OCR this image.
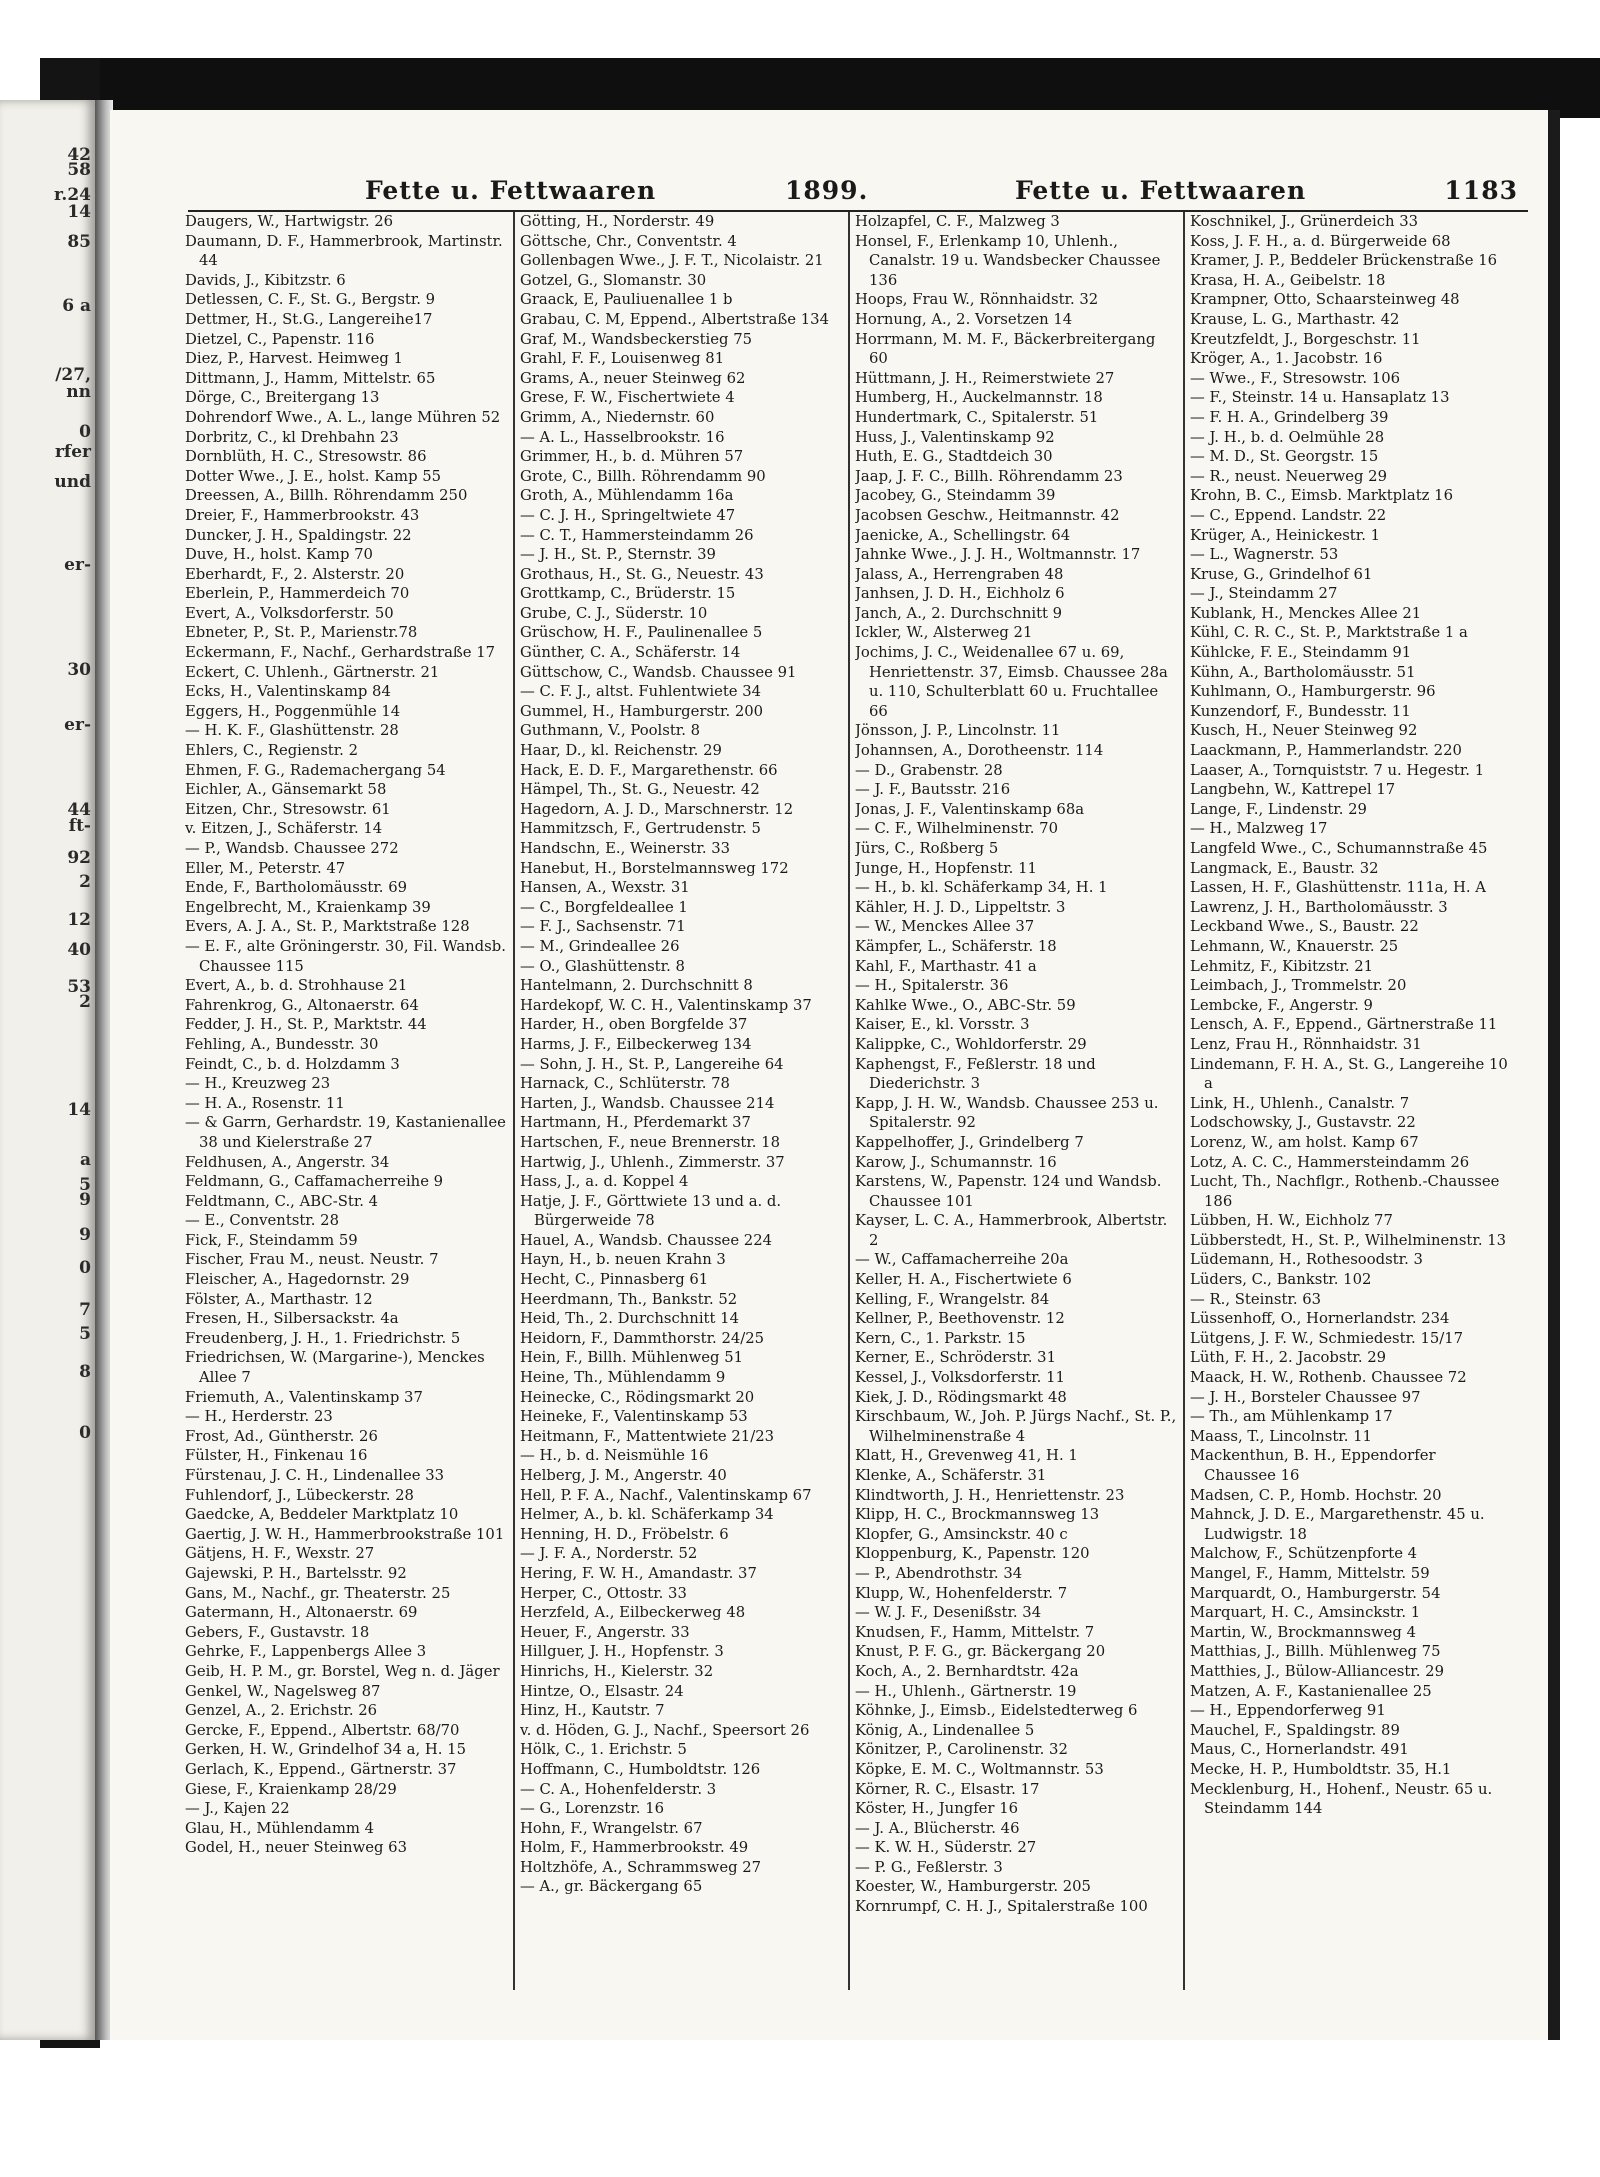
42
58
r.24
14
85
6 a
/27,
nn
0
rfer
und
er-
30
er-
44
ft-
92
2
12
40
53
2
14
a
5
9
9
0
7
5
8
0
Fette u. Fettwaaren	1899.	Fette u. Fettwaaren	1183
Daugers, W., Hartwigstr. 26
Daumann, D. F., Hammerbrook, Martinstr. 44
Davids, J., Kibitzstr. 6
Detlessen, C. F., St. G., Bergstr. 9
Dettmer, H., St.G., Langereihe17
Dietzel, C., Papenstr. 116
Diez, P., Harvest. Heimweg 1
Dittmann, J., Hamm, Mittelstr. 65
Dörge, C., Breitergang 13
Dohrendorf Wwe., A. L., lange Mühren 52
Dorbritz, C., kl Drehbahn 23
Dornblüth, H. C., Stresowstr. 86
Dotter Wwe., J. E., holst. Kamp 55
Dreessen, A., Billh. Röhrendamm 250
Dreier, F., Hammerbrookstr. 43
Duncker, J. H., Spaldingstr. 22
Duve, H., holst. Kamp 70
Eberhardt, F., 2. Alsterstr. 20
Eberlein, P., Hammerdeich 70
Evert, A., Volksdorferstr. 50
Ebneter, P., St. P., Marienstr.78
Eckermann, F., Nachf., Gerhardstraße 17
Eckert, C. Uhlenh., Gärtnerstr. 21
Ecks, H., Valentinskamp 84
Eggers, H., Poggenmühle 14
— H. K. F., Glashüttenstr. 28
Ehlers, C., Regienstr. 2
Ehmen, F. G., Rademachergang 54
Eichler, A., Gänsemarkt 58
Eitzen, Chr., Stresowstr. 61
v. Eitzen, J., Schäferstr. 14
— P., Wandsb. Chaussee 272
Eller, M., Peterstr. 47
Ende, F., Bartholomäusstr. 69
Engelbrecht, M., Kraienkamp 39
Evers, A. J. A., St. P., Marktstraße 128
— E. F., alte Gröningerstr. 30, Fil. Wandsb. Chaussee 115
Evert, A., b. d. Strohhause 21
Fahrenkrog, G., Altonaerstr. 64
Fedder, J. H., St. P., Marktstr. 44
Fehling, A., Bundesstr. 30
Feindt, C., b. d. Holzdamm 3
— H., Kreuzweg 23
— H. A., Rosenstr. 11
— & Garrn, Gerhardstr. 19, Kastanienallee 38 und Kielerstraße 27
Feldhusen, A., Angerstr. 34
Feldmann, G., Caffamacherreihe 9
Feldtmann, C., ABC-Str. 4
— E., Conventstr. 28
Fick, F., Steindamm 59
Fischer, Frau M., neust. Neustr. 7
Fleischer, A., Hagedornstr. 29
Fölster, A., Marthastr. 12
Fresen, H., Silbersackstr. 4a
Freudenberg, J. H., 1. Friedrichstr. 5
Friedrichsen, W. (Margarine-), Menckes Allee 7
Friemuth, A., Valentinskamp 37
— H., Herderstr. 23
Frost, Ad., Güntherstr. 26
Fülster, H., Finkenau 16
Fürstenau, J. C. H., Lindenallee 33
Fuhlendorf, J., Lübeckerstr. 28
Gaedcke, A, Beddeler Marktplatz 10
Gaertig, J. W. H., Hammerbrookstraße 101
Gätjens, H. F., Wexstr. 27
Gajewski, P. H., Bartelsstr. 92
Gans, M., Nachf., gr. Theaterstr. 25
Gatermann, H., Altonaerstr. 69
Gebers, F., Gustavstr. 18
Gehrke, F., Lappenbergs Allee 3
Geib, H. P. M., gr. Borstel, Weg n. d. Jäger
Genkel, W., Nagelsweg 87
Genzel, A., 2. Erichstr. 26
Gercke, F., Eppend., Albertstr. 68/70
Gerken, H. W., Grindelhof 34 a, H. 15
Gerlach, K., Eppend., Gärtnerstr. 37
Giese, F., Kraienkamp 28/29
— J., Kajen 22
Glau, H., Mühlendamm 4
Godel, H., neuer Steinweg 63
Götting, H., Norderstr. 49
Göttsche, Chr., Conventstr. 4
Gollenbagen Wwe., J. F. T., Nicolaistr. 21
Gotzel, G., Slomanstr. 30
Graack, E, Pauliuenallee 1 b
Grabau, C. M, Eppend., Albertstraße 134
Graf, M., Wandsbeckerstieg 75
Grahl, F. F., Louisenweg 81
Grams, A., neuer Steinweg 62
Grese, F. W., Fischertwiete 4
Grimm, A., Niedernstr. 60
— A. L., Hasselbrookstr. 16
Grimmer, H., b. d. Mühren 57
Grote, C., Billh. Röhrendamm 90
Groth, A., Mühlendamm 16a
— C. J. H., Springeltwiete 47
— C. T., Hammersteindamm 26
— J. H., St. P., Sternstr. 39
Grothaus, H., St. G., Neuestr. 43
Grottkamp, C., Brüderstr. 15
Grube, C. J., Süderstr. 10
Grüschow, H. F., Paulinenallee 5
Günther, C. A., Schäferstr. 14
Güttschow, C., Wandsb. Chaussee 91
— C. F. J., altst. Fuhlentwiete 34
Gummel, H., Hamburgerstr. 200
Guthmann, V., Poolstr. 8
Haar, D., kl. Reichenstr. 29
Hack, E. D. F., Margarethenstr. 66
Hämpel, Th., St. G., Neuestr. 42
Hagedorn, A. J. D., Marschnerstr. 12
Hammitzsch, F., Gertrudenstr. 5
Handschn, E., Weinerstr. 33
Hanebut, H., Borstelmannsweg 172
Hansen, A., Wexstr. 31
— C., Borgfeldeallee 1
— F. J., Sachsenstr. 71
— M., Grindeallee 26
— O., Glashüttenstr. 8
Hantelmann, 2. Durchschnitt 8
Hardekopf, W. C. H., Valentinskamp 37
Harder, H., oben Borgfelde 37
Harms, J. F., Eilbeckerweg 134
— Sohn, J. H., St. P., Langereihe 64
Harnack, C., Schlüterstr. 78
Harten, J., Wandsb. Chaussee 214
Hartmann, H., Pferdemarkt 37
Hartschen, F., neue Brennerstr. 18
Hartwig, J., Uhlenh., Zimmerstr. 37
Hass, J., a. d. Koppel 4
Hatje, J. F., Görttwiete 13 und a. d. Bürgerweide 78
Hauel, A., Wandsb. Chaussee 224
Hayn, H., b. neuen Krahn 3
Hecht, C., Pinnasberg 61
Heerdmann, Th., Bankstr. 52
Heid, Th., 2. Durchschnitt 14
Heidorn, F., Dammthorstr. 24/25
Hein, F., Billh. Mühlenweg 51
Heine, Th., Mühlendamm 9
Heinecke, C., Rödingsmarkt 20
Heineke, F., Valentinskamp 53
Heitmann, F., Mattentwiete 21/23
— H., b. d. Neismühle 16
Helberg, J. M., Angerstr. 40
Hell, P. F. A., Nachf., Valentinskamp 67
Helmer, A., b. kl. Schäferkamp 34
Henning, H. D., Fröbelstr. 6
— J. F. A., Norderstr. 52
Hering, F. W. H., Amandastr. 37
Herper, C., Ottostr. 33
Herzfeld, A., Eilbeckerweg 48
Heuer, F., Angerstr. 33
Hillguer, J. H., Hopfenstr. 3
Hinrichs, H., Kielerstr. 32
Hintze, O., Elsastr. 24
Hinz, H., Kautstr. 7
v. d. Höden, G. J., Nachf., Speersort 26
Hölk, C., 1. Erichstr. 5
Hoffmann, C., Humboldtstr. 126
— C. A., Hohenfelderstr. 3
— G., Lorenzstr. 16
Hohn, F., Wrangelstr. 67
Holm, F., Hammerbrookstr. 49
Holtzhöfe, A., Schrammsweg 27
— A., gr. Bäckergang 65
Holzapfel, C. F., Malzweg 3
Honsel, F., Erlenkamp 10, Uhlenh., Canalstr. 19 u. Wandsbecker Chaussee 136
Hoops, Frau W., Rönnhaidstr. 32
Hornung, A., 2. Vorsetzen 14
Horrmann, M. M. F., Bäckerbreitergang 60
Hüttmann, J. H., Reimerstwiete 27
Humberg, H., Auckelmannstr. 18
Hundertmark, C., Spitalerstr. 51
Huss, J., Valentinskamp 92
Huth, E. G., Stadtdeich 30
Jaap, J. F. C., Billh. Röhrendamm 23
Jacobey, G., Steindamm 39
Jacobsen Geschw., Heitmannstr. 42
Jaenicke, A., Schellingstr. 64
Jahnke Wwe., J. J. H., Woltmannstr. 17
Jalass, A., Herrengraben 48
Janhsen, J. D. H., Eichholz 6
Janch, A., 2. Durchschnitt 9
Ickler, W., Alsterweg 21
Jochims, J. C., Weidenallee 67 u. 69, Henriettenstr. 37, Eimsb. Chaussee 28a u. 110, Schulterblatt 60 u. Fruchtallee 66
Jönsson, J. P., Lincolnstr. 11
Johannsen, A., Dorotheenstr. 114
— D., Grabenstr. 28
— J. F., Bautsstr. 216
Jonas, J. F., Valentinskamp 68a
— C. F., Wilhelminenstr. 70
Jürs, C., Roßberg 5
Junge, H., Hopfenstr. 11
— H., b. kl. Schäferkamp 34, H. 1
Kähler, H. J. D., Lippeltstr. 3
— W., Menckes Allee 37
Kämpfer, L., Schäferstr. 18
Kahl, F., Marthastr. 41 a
— H., Spitalerstr. 36
Kahlke Wwe., O., ABC-Str. 59
Kaiser, E., kl. Vorsstr. 3
Kalippke, C., Wohldorferstr. 29
Kaphengst, F., Feßlerstr. 18 und Diederichstr. 3
Kapp, J. H. W., Wandsb. Chaussee 253 u. Spitalerstr. 92
Kappelhoffer, J., Grindelberg 7
Karow, J., Schumannstr. 16
Karstens, W., Papenstr. 124 und Wandsb. Chaussee 101
Kayser, L. C. A., Hammerbrook, Albertstr. 2
— W., Caffamacherreihe 20a
Keller, H. A., Fischertwiete 6
Kelling, F., Wrangelstr. 84
Kellner, P., Beethovenstr. 12
Kern, C., 1. Parkstr. 15
Kerner, E., Schröderstr. 31
Kessel, J., Volksdorferstr. 11
Kiek, J. D., Rödingsmarkt 48
Kirschbaum, W., Joh. P. Jürgs Nachf., St. P., Wilhelminenstraße 4
Klatt, H., Grevenweg 41, H. 1
Klenke, A., Schäferstr. 31
Klindtworth, J. H., Henriettenstr. 23
Klipp, H. C., Brockmannsweg 13
Klopfer, G., Amsinckstr. 40 c
Kloppenburg, K., Papenstr. 120
— P., Abendrothstr. 34
Klupp, W., Hohenfelderstr. 7
— W. J. F., Desenißstr. 34
Knudsen, F., Hamm, Mittelstr. 7
Knust, P. F. G., gr. Bäckergang 20
Koch, A., 2. Bernhardtstr. 42a
— H., Uhlenh., Gärtnerstr. 19
Köhnke, J., Eimsb., Eidelstedterweg 6
König, A., Lindenallee 5
Könitzer, P., Carolinenstr. 32
Köpke, E. M. C., Woltmannstr. 53
Körner, R. C., Elsastr. 17
Köster, H., Jungfer 16
— J. A., Blücherstr. 46
— K. W. H., Süderstr. 27
— P. G., Feßlerstr. 3
Koester, W., Hamburgerstr. 205
Kornrumpf, C. H. J., Spitalerstraße 100
Koschnikel, J., Grünerdeich 33
Koss, J. F. H., a. d. Bürgerweide 68
Kramer, J. P., Beddeler Brückenstraße 16
Krasa, H. A., Geibelstr. 18
Krampner, Otto, Schaarsteinweg 48
Krause, L. G., Marthastr. 42
Kreutzfeldt, J., Borgeschstr. 11
Kröger, A., 1. Jacobstr. 16
— Wwe., F., Stresowstr. 106
— F., Steinstr. 14 u. Hansaplatz 13
— F. H. A., Grindelberg 39
— J. H., b. d. Oelmühle 28
— M. D., St. Georgstr. 15
— R., neust. Neuerweg 29
Krohn, B. C., Eimsb. Marktplatz 16
— C., Eppend. Landstr. 22
Krüger, A., Heinickestr. 1
— L., Wagnerstr. 53
Kruse, G., Grindelhof 61
— J., Steindamm 27
Kublank, H., Menckes Allee 21
Kühl, C. R. C., St. P., Marktstraße 1 a
Kühlcke, F. E., Steindamm 91
Kühn, A., Bartholomäusstr. 51
Kuhlmann, O., Hamburgerstr. 96
Kunzendorf, F., Bundesstr. 11
Kusch, H., Neuer Steinweg 92
Laackmann, P., Hammerlandstr. 220
Laaser, A., Tornquiststr. 7 u. Hegestr. 1
Langbehn, W., Kattrepel 17
Lange, F., Lindenstr. 29
— H., Malzweg 17
Langfeld Wwe., C., Schumannstraße 45
Langmack, E., Baustr. 32
Lassen, H. F., Glashüttenstr. 111a, H. A
Lawrenz, J. H., Bartholomäusstr. 3
Leckband Wwe., S., Baustr. 22
Lehmann, W., Knauerstr. 25
Lehmitz, F., Kibitzstr. 21
Leimbach, J., Trommelstr. 20
Lembcke, F., Angerstr. 9
Lensch, A. F., Eppend., Gärtnerstraße 11
Lenz, Frau H., Rönnhaidstr. 31
Lindemann, F. H. A., St. G., Langereihe 10 a
Link, H., Uhlenh., Canalstr. 7
Lodschowsky, J., Gustavstr. 22
Lorenz, W., am holst. Kamp 67
Lotz, A. C. C., Hammersteindamm 26
Lucht, Th., Nachflgr., Rothenb.-Chaussee 186
Lübben, H. W., Eichholz 77
Lübberstedt, H., St. P., Wilhelminenstr. 13
Lüdemann, H., Rothesoodstr. 3
Lüders, C., Bankstr. 102
— R., Steinstr. 63
Lüssenhoff, O., Hornerlandstr. 234
Lütgens, J. F. W., Schmiedestr. 15/17
Lüth, F. H., 2. Jacobstr. 29
Maack, H. W., Rothenb. Chaussee 72
— J. H., Borsteler Chaussee 97
— Th., am Mühlenkamp 17
Maass, T., Lincolnstr. 11
Mackenthun, B. H., Eppendorfer Chaussee 16
Madsen, C. P., Homb. Hochstr. 20
Mahnck, J. D. E., Margarethenstr. 45 u. Ludwigstr. 18
Malchow, F., Schützenpforte 4
Mangel, F., Hamm, Mittelstr. 59
Marquardt, O., Hamburgerstr. 54
Marquart, H. C., Amsinckstr. 1
Martin, W., Brockmannsweg 4
Matthias, J., Billh. Mühlenweg 75
Matthies, J., Bülow-Alliancestr. 29
Matzen, A. F., Kastanienallee 25
— H., Eppendorferweg 91
Mauchel, F., Spaldingstr. 89
Maus, C., Hornerlandstr. 491
Mecke, H. P., Humboldtstr. 35, H.1
Mecklenburg, H., Hohenf., Neustr. 65 u. Steindamm 144
